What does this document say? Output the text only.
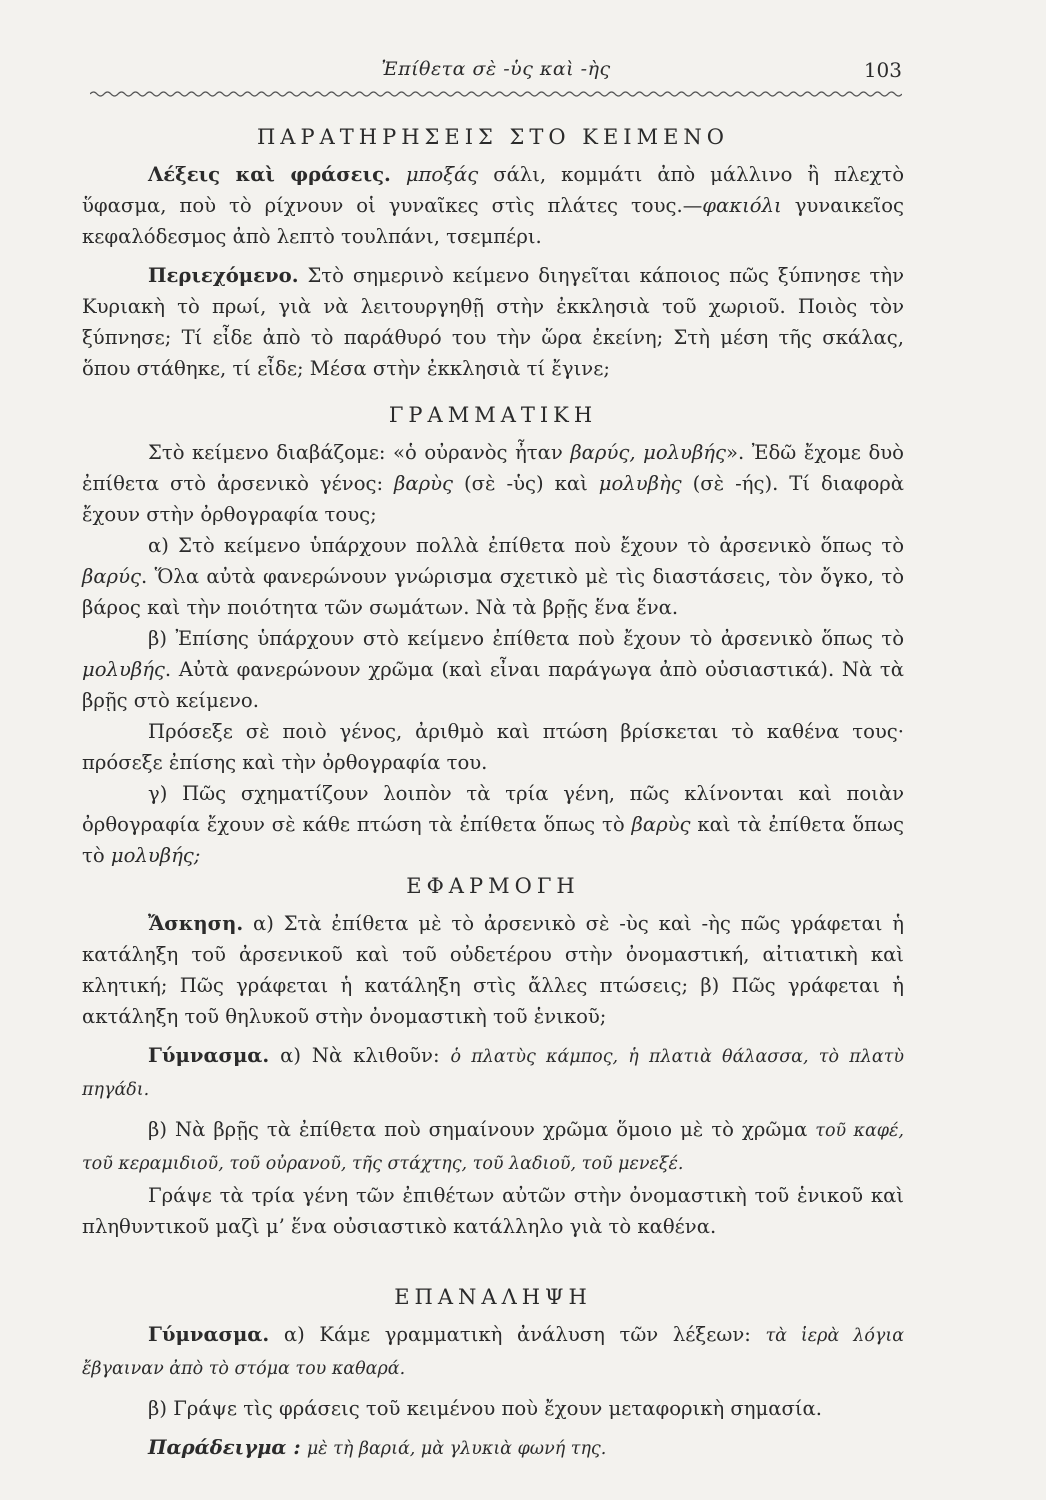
Ἐπίθετα σὲ -ὑς καὶ -ὴς	103
ΠΑΡΑΤΗΡΗΣΕΙΣ ΣΤΟ ΚΕΙΜΕΝΟ

Λέξεις καὶ φράσεις. μποξάς σάλι, κομμάτι ἀπὸ μάλλινο ἢ πλεχτὸ ὕφασμα, ποὺ τὸ ρίχνουν οἱ γυναῖκες στὶς πλάτες τους.—φακιόλι γυναικεῖος κεφαλόδεσμος ἀπὸ λεπτὸ τουλπάνι, τσεμπέρι.

Περιεχόμενο. Στὸ σημερινὸ κείμενο διηγεῖται κάποιος πῶς ξύπνησε τὴν Κυριακὴ τὸ πρωί, γιὰ νὰ λειτουργηθῇ στὴν ἐκκλησιὰ τοῦ χωριοῦ. Ποιὸς τὸν ξύπνησε; Τί εἶδε ἀπὸ τὸ παράθυρό του τὴν ὥρα ἐκείνη; Στὴ μέση τῆς σκάλας, ὅπου στάθηκε, τί εἶδε; Μέσα στὴν ἐκκλησιὰ τί ἔγινε;

ΓΡΑΜΜΑΤΙΚΗ

Στὸ κείμενο διαβάζομε: «ὁ οὐρανὸς ἦταν βαρύς, μολυβής». Ἐδῶ ἔχομε δυὸ ἐπίθετα στὸ ἀρσενικὸ γένος: βαρὺς (σὲ -ὑς) καὶ μολυβὴς (σὲ -ής). Τί διαφορὰ ἔχουν στὴν ὀρθογραφία τους;

α) Στὸ κείμενο ὑπάρχουν πολλὰ ἐπίθετα ποὺ ἔχουν τὸ ἀρσενικὸ ὅπως τὸ βαρύς. Ὅλα αὐτὰ φανερώνουν γνώρισμα σχετικὸ μὲ τὶς διαστάσεις, τὸν ὄγκο, τὸ βάρος καὶ τὴν ποιότητα τῶν σωμάτων. Νὰ τὰ βρῇς ἕνα ἕνα.

β) Ἐπίσης ὑπάρχουν στὸ κείμενο ἐπίθετα ποὺ ἔχουν τὸ ἀρσενικὸ ὅπως τὸ μολυβής. Αὐτὰ φανερώνουν χρῶμα (καὶ εἶναι παράγωγα ἀπὸ οὐσιαστικά). Νὰ τὰ βρῇς στὸ κείμενο.

Πρόσεξε σὲ ποιὸ γένος, ἀριθμὸ καὶ πτώση βρίσκεται τὸ καθένα τους· πρόσεξε ἐπίσης καὶ τὴν ὀρθογραφία του.

γ) Πῶς σχηματίζουν λοιπὸν τὰ τρία γένη, πῶς κλίνονται καὶ ποιὰν ὀρθογραφία ἔχουν σὲ κάθε πτώση τὰ ἐπίθετα ὅπως τὸ βαρὺς καὶ τὰ ἐπίθετα ὅπως τὸ μολυβής;

ΕΦΑΡΜΟΓΗ

Ἄσκηση. α) Στὰ ἐπίθετα μὲ τὸ ἀρσενικὸ σὲ -ὺς καὶ -ὴς πῶς γράφεται ἡ κατάληξη τοῦ ἀρσενικοῦ καὶ τοῦ οὐδετέρου στὴν ὀνομαστική, αἰτιατικὴ καὶ κλητική; Πῶς γράφεται ἡ κατάληξη στὶς ἄλλες πτώσεις; β) Πῶς γράφεται ἡ ακτάληξη τοῦ θηλυκοῦ στὴν ὀνομαστικὴ τοῦ ἑνικοῦ;

Γύμνασμα. α) Νὰ κλιθοῦν: ὁ πλατὺς κάμπος, ἡ πλατιὰ θάλασσα, τὸ πλατὺ πηγάδι.

β) Νὰ βρῇς τὰ ἐπίθετα ποὺ σημαίνουν χρῶμα ὅμοιο μὲ τὸ χρῶμα τοῦ καφέ, τοῦ κεραμιδιοῦ, τοῦ οὐρανοῦ, τῆς στάχτης, τοῦ λαδιοῦ, τοῦ μενεξέ.

Γράψε τὰ τρία γένη τῶν ἐπιθέτων αὐτῶν στὴν ὀνομαστικὴ τοῦ ἑνικοῦ καὶ πληθυντικοῦ μαζὶ μ’ ἕνα οὐσιαστικὸ κατάλληλο γιὰ τὸ καθένα.

ΕΠΑΝΑΛΗΨΗ

Γύμνασμα. α) Κάμε γραμματικὴ ἀνάλυση τῶν λέξεων: τὰ ἱερὰ λόγια ἔβγαιναν ἀπὸ τὸ στόμα του καθαρά.

β) Γράψε τὶς φράσεις τοῦ κειμένου ποὺ ἔχουν μεταφορικὴ σημασία.

Παράδειγμα : μὲ τὴ βαριά, μὰ γλυκιὰ φωνή της.
